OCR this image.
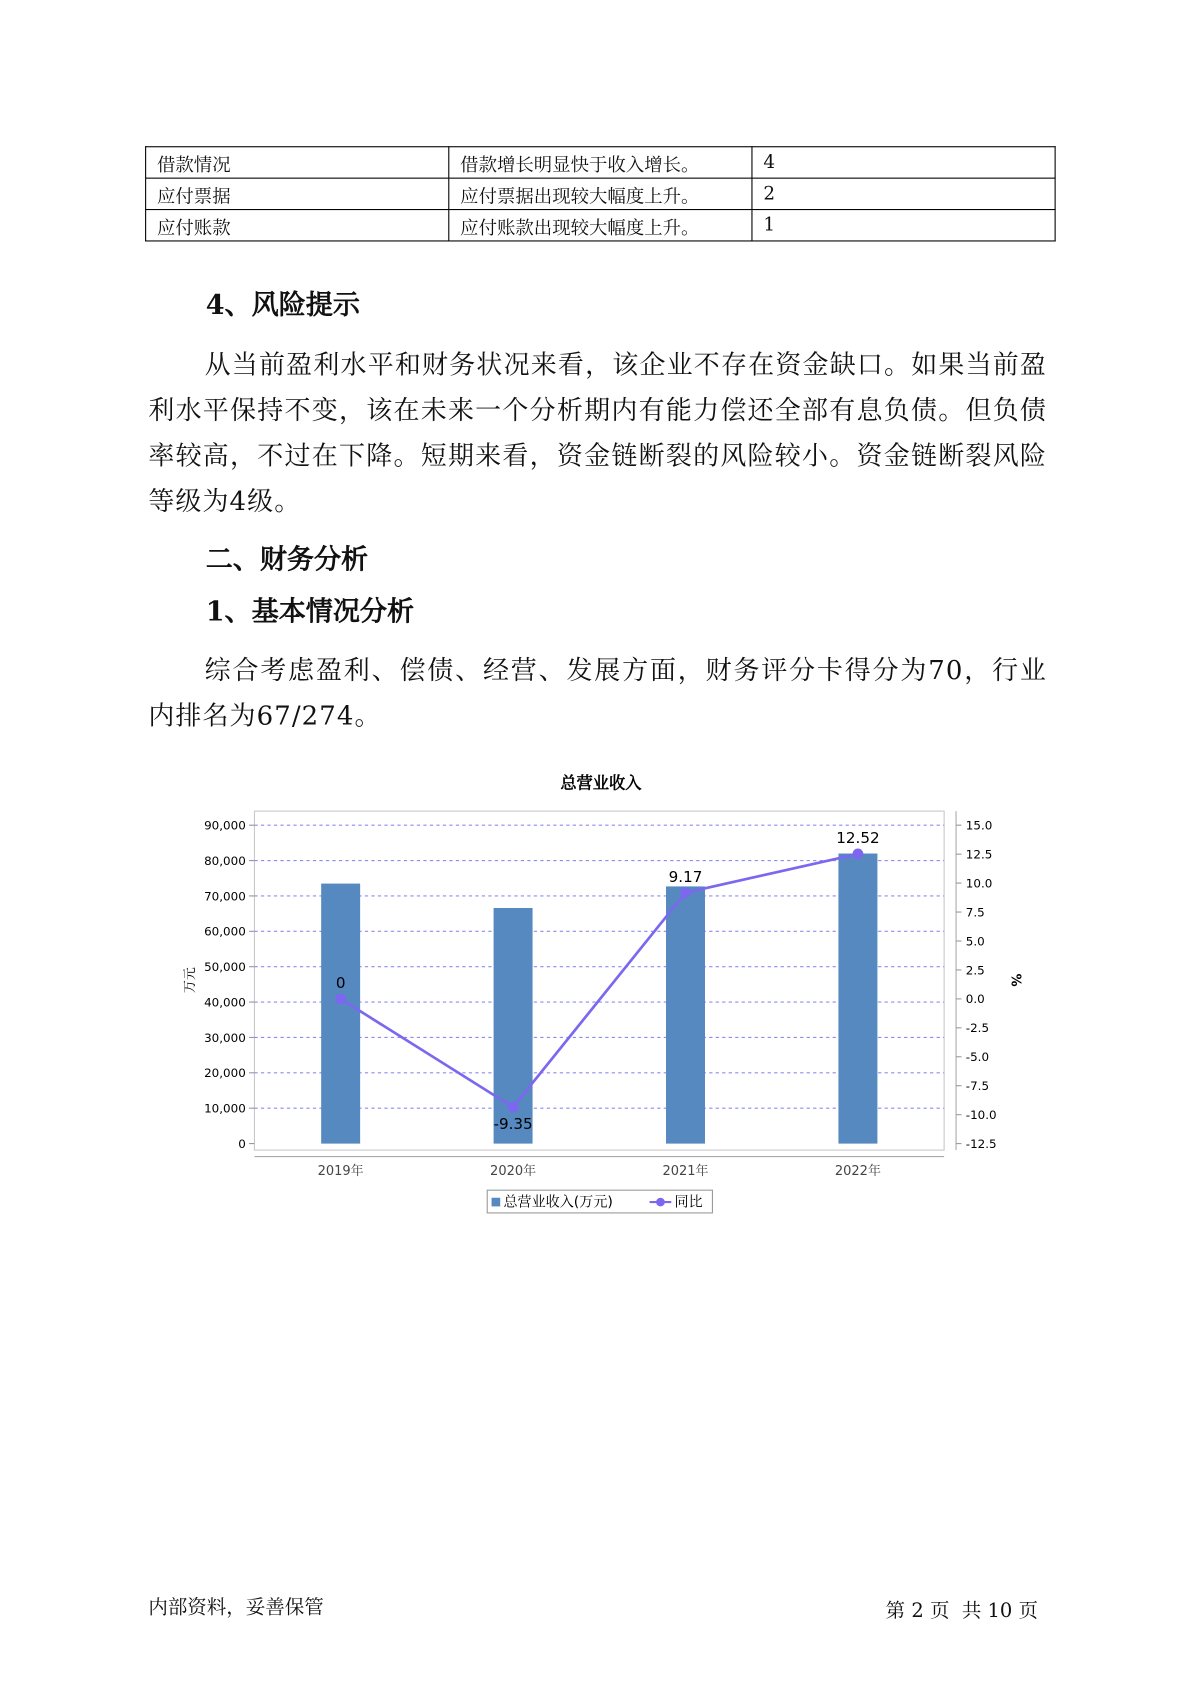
借款情况	借款增长明显快于收入增长。	4
应付票据	应付票据出现较大幅度上升。	2
应付账款	应付账款出现较大幅度上升。	1
4、风险提示
从当前盈利水平和财务状况来看，该企业不存在资金缺口。如果当前盈利水平保持不变，该在未来一个分析期内有能力偿还全部有息负债。但负债率较高，不过在下降。短期来看，资金链断裂的风险较小。资金链断裂风险等级为4级。
二、财务分析
1、基本情况分析
综合考虑盈利、偿债、经营、发展方面，财务评分卡得分为70，行业内排名为67/274。
总营业收入
0
10,000
20,000
30,000
40,000
50,000
60,000
70,000
80,000
90,000
-12.5
-10.0
-7.5
-5.0
-2.5
0.0
2.5
5.0
7.5
10.0
12.5
15.0
0
-9.35
9.17
12.52
2019年	2020年	2021年	2022年
万元	%
总营业收入(万元)	同比
内部资料，妥善保管	第 2 页  共 10 页
